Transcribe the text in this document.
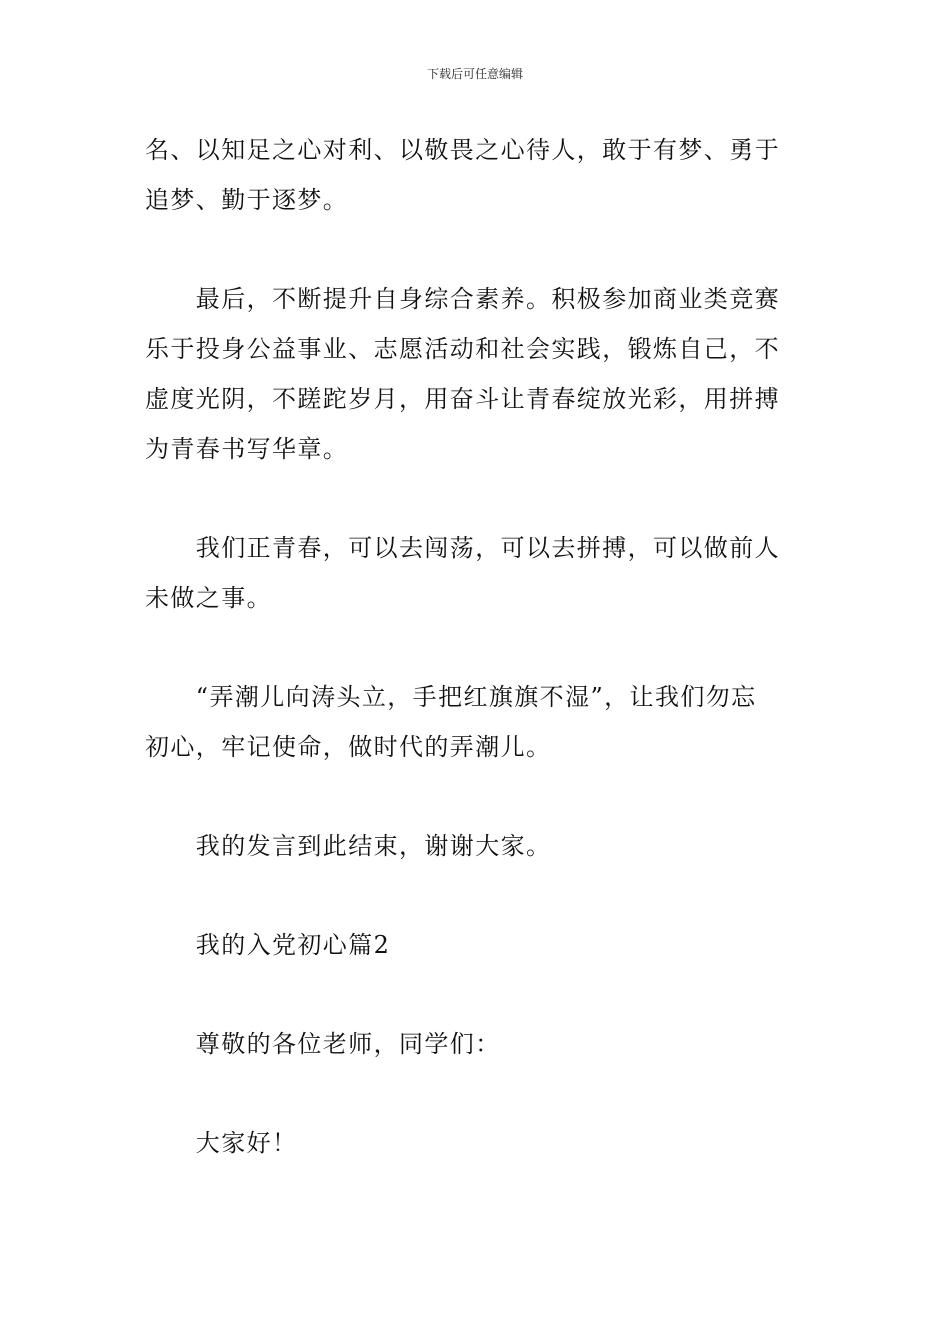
下载后可任意编辑

名、以知足之心对利、以敬畏之心待人，敢于有梦、勇于
追梦、勤于逐梦。

　　最后，不断提升自身综合素养。积极参加商业类竞赛
乐于投身公益事业、志愿活动和社会实践，锻炼自己，不
虚度光阴，不蹉跎岁月，用奋斗让青春绽放光彩，用拼搏
为青春书写华章。

　　我们正青春，可以去闯荡，可以去拼搏，可以做前人
未做之事。

　　“弄潮儿向涛头立，手把红旗旗不湿”，让我们勿忘
初心，牢记使命，做时代的弄潮儿。

　　我的发言到此结束，谢谢大家。

　　我的入党初心篇2

　　尊敬的各位老师，同学们：

　　大家好！
